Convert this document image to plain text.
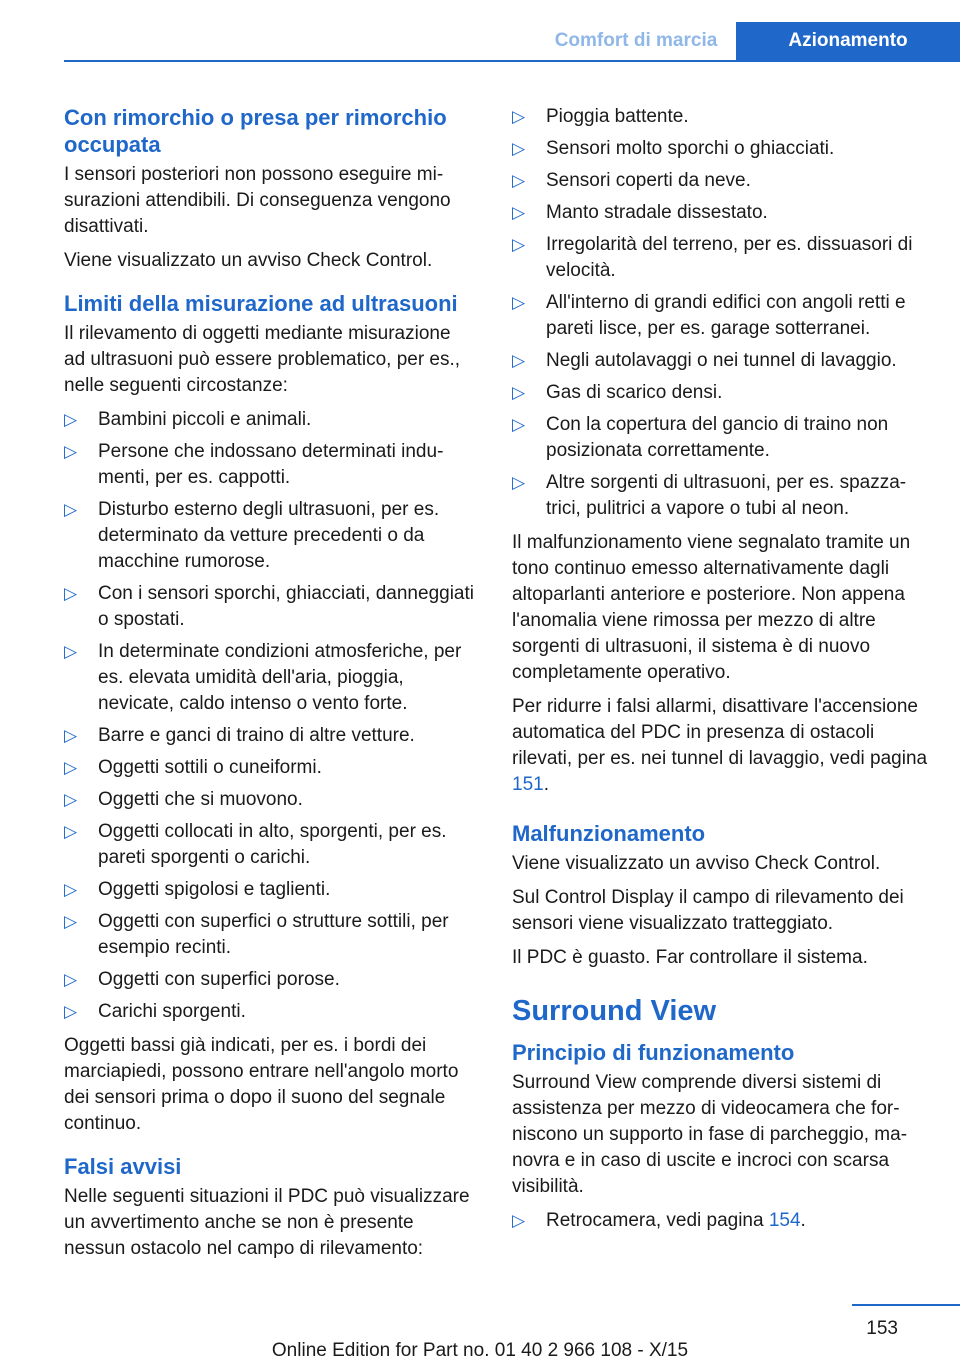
Comfort di marcia	Azionamento
Con rimorchio o presa per rimorchio occupata

I sensori posteriori non possono eseguire misurazioni attendibili. Di conseguenza vengono disattivati.

Viene visualizzato un avviso Check Control.

Limiti della misurazione ad ultrasuoni

Il rilevamento di oggetti mediante misurazione ad ultrasuoni può essere problematico, per es., nelle seguenti circostanze:

▷ Bambini piccoli e animali.
▷ Persone che indossano determinati indumenti, per es. cappotti.
▷ Disturbo esterno degli ultrasuoni, per es. determinato da vetture precedenti o da macchine rumorose.
▷ Con i sensori sporchi, ghiacciati, danneggiati o spostati.
▷ In determinate condizioni atmosferiche, per es. elevata umidità dell'aria, pioggia, nevicate, caldo intenso o vento forte.
▷ Barre e ganci di traino di altre vetture.
▷ Oggetti sottili o cuneiformi.
▷ Oggetti che si muovono.
▷ Oggetti collocati in alto, sporgenti, per es. pareti sporgenti o carichi.
▷ Oggetti spigolosi e taglienti.
▷ Oggetti con superfici o strutture sottili, per esempio recinti.
▷ Oggetti con superfici porose.
▷ Carichi sporgenti.

Oggetti bassi già indicati, per es. i bordi dei marciapiedi, possono entrare nell'angolo morto dei sensori prima o dopo il suono del segnale continuo.

Falsi avvisi

Nelle seguenti situazioni il PDC può visualizzare un avvertimento anche se non è presente nessun ostacolo nel campo di rilevamento:

▷ Pioggia battente.
▷ Sensori molto sporchi o ghiacciati.
▷ Sensori coperti da neve.
▷ Manto stradale dissestato.
▷ Irregolarità del terreno, per es. dissuasori di velocità.
▷ All'interno di grandi edifici con angoli retti e pareti lisce, per es. garage sotterranei.
▷ Negli autolavaggi o nei tunnel di lavaggio.
▷ Gas di scarico densi.
▷ Con la copertura del gancio di traino non posizionata correttamente.
▷ Altre sorgenti di ultrasuoni, per es. spazzatrici, pulitrici a vapore o tubi al neon.

Il malfunzionamento viene segnalato tramite un tono continuo emesso alternativamente dagli altoparlanti anteriore e posteriore. Non appena l'anomalia viene rimossa per mezzo di altre sorgenti di ultrasuoni, il sistema è di nuovo completamente operativo.

Per ridurre i falsi allarmi, disattivare l'accensione automatica del PDC in presenza di ostacoli rilevati, per es. nei tunnel di lavaggio, vedi pagina 151.

Malfunzionamento

Viene visualizzato un avviso Check Control.

Sul Control Display il campo di rilevamento dei sensori viene visualizzato tratteggiato.

Il PDC è guasto. Far controllare il sistema.

Surround View
Principio di funzionamento

Surround View comprende diversi sistemi di assistenza per mezzo di videocamera che forniscono un supporto in fase di parcheggio, manovra e in caso di uscite e incroci con scarsa visibilità.

▷ Retrocamera, vedi pagina 154.
153
Online Edition for Part no. 01 40 2 966 108 - X/15
